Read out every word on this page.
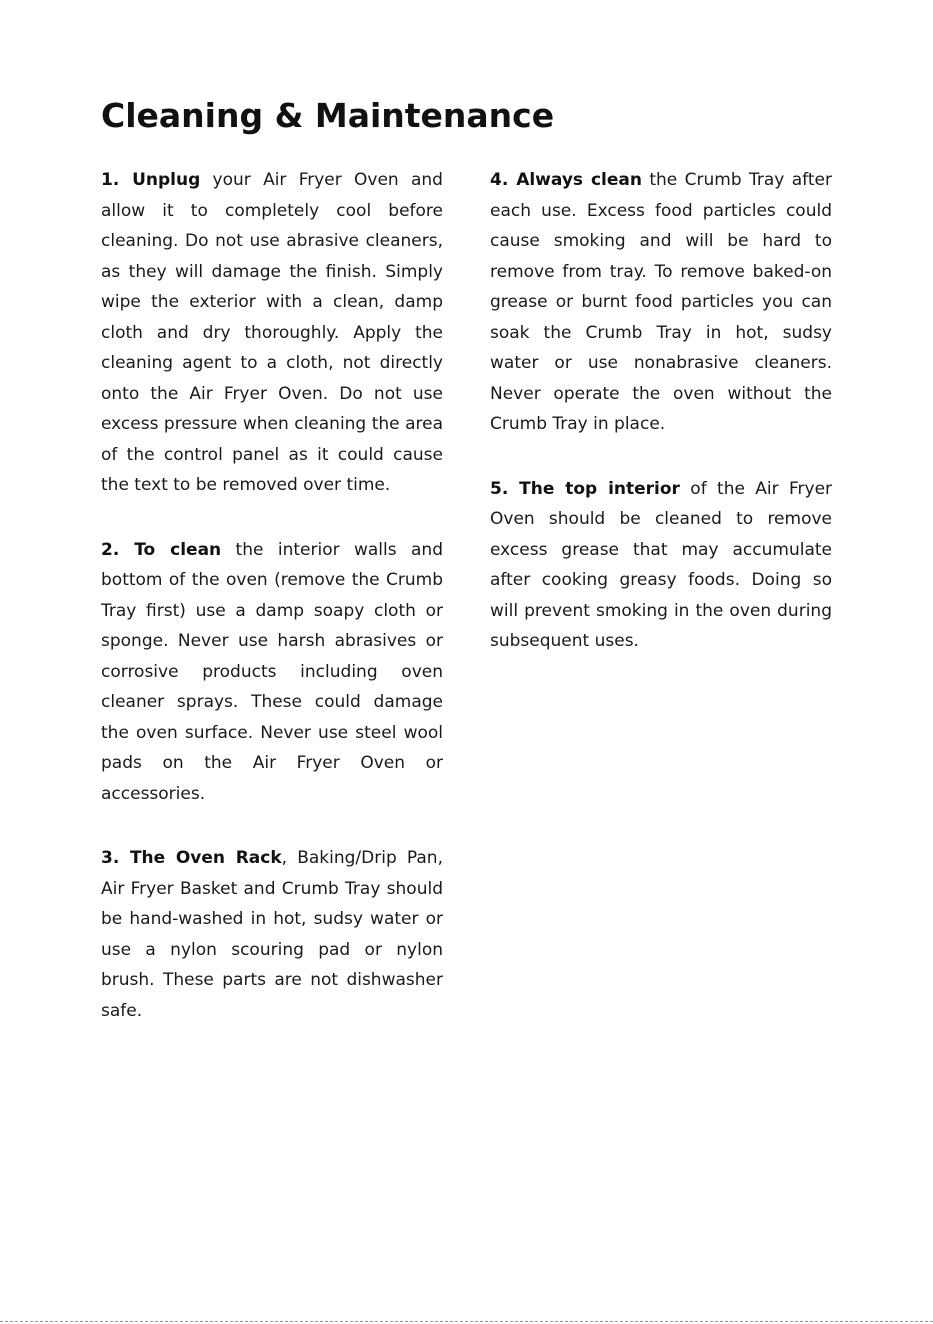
Cleaning & Maintenance

1. Unplug your Air Fryer Oven and allow it to completely cool before cleaning. Do not use abrasive cleaners, as they will damage the finish. Simply wipe the exterior with a clean, damp cloth and dry thoroughly. Apply the cleaning agent to a cloth, not directly onto the Air Fryer Oven. Do not use excess pressure when cleaning the area of the control panel as it could cause the text to be removed over time.

2. To clean the interior walls and bottom of the oven (remove the Crumb Tray first) use a damp soapy cloth or sponge. Never use harsh abrasives or corrosive products including oven cleaner sprays. These could damage the oven surface. Never use steel wool pads on the Air Fryer Oven or accessories.

3. The Oven Rack, Baking/Drip Pan, Air Fryer Basket and Crumb Tray should be hand-washed in hot, sudsy water or use a nylon scouring pad or nylon brush. These parts are not dishwasher safe.

4. Always clean the Crumb Tray after each use. Excess food particles could cause smoking and will be hard to remove from tray. To remove baked-on grease or burnt food particles you can soak the Crumb Tray in hot, sudsy water or use nonabrasive cleaners. Never operate the oven without the Crumb Tray in place.

5. The top interior of the Air Fryer Oven should be cleaned to remove excess grease that may accumulate after cooking greasy foods. Doing so will prevent smoking in the oven during subsequent uses.
